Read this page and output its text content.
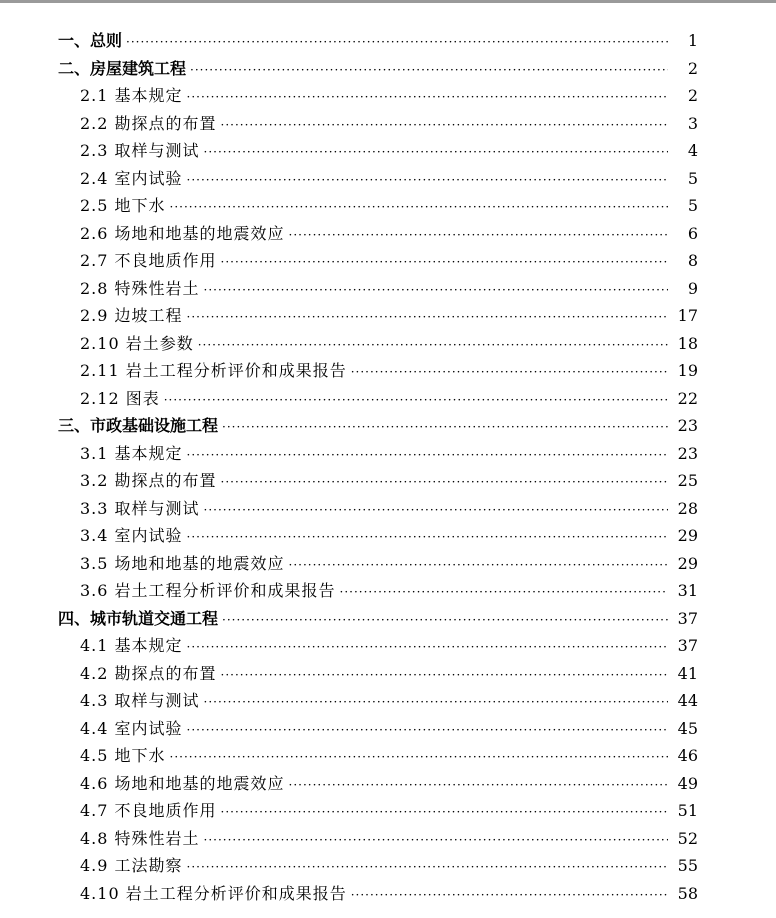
一、总则 ·····	1
二、房屋建筑工程 ·····	2
2.1 基本规定 ·····	2
2.2 勘探点的布置 ·····	3
2.3 取样与测试 ·····	4
2.4 室内试验 ·····	5
2.5 地下水 ·····	5
2.6 场地和地基的地震效应 ·····	6
2.7 不良地质作用 ·····	8
2.8 特殊性岩土 ·····	9
2.9 边坡工程 ·····	17
2.10 岩土参数 ·····	18
2.11 岩土工程分析评价和成果报告 ·····	19
2.12 图表 ·····	22
三、市政基础设施工程 ·····	23
3.1 基本规定 ·····	23
3.2 勘探点的布置 ·····	25
3.3 取样与测试 ·····	28
3.4 室内试验 ·····	29
3.5 场地和地基的地震效应 ·····	29
3.6 岩土工程分析评价和成果报告 ·····	31
四、城市轨道交通工程 ·····	37
4.1 基本规定 ·····	37
4.2 勘探点的布置 ·····	41
4.3 取样与测试 ·····	44
4.4 室内试验 ·····	45
4.5 地下水 ·····	46
4.6 场地和地基的地震效应 ·····	49
4.7 不良地质作用 ·····	51
4.8 特殊性岩土 ·····	52
4.9 工法勘察 ·····	55
4.10 岩土工程分析评价和成果报告 ·····	58
